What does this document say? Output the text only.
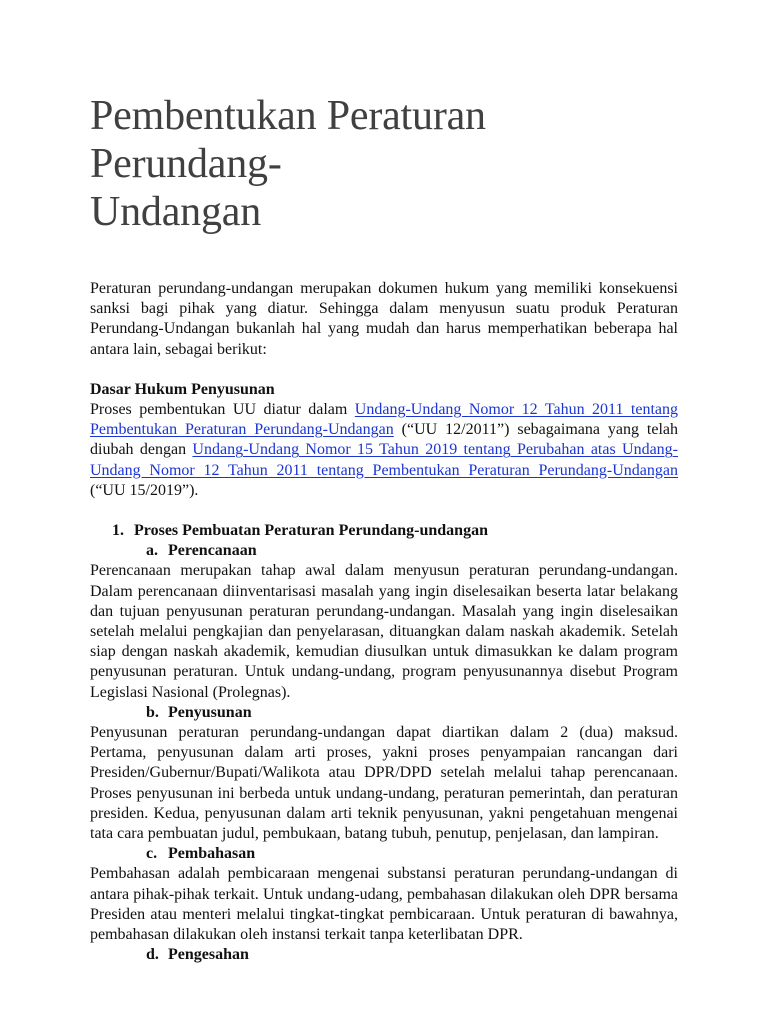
Pembentukan Peraturan Perundang-
Undangan

Peraturan perundang-undangan merupakan dokumen hukum yang memiliki konsekuensi sanksi bagi pihak yang diatur. Sehingga dalam menyusun suatu produk Peraturan Perundang-Undangan bukanlah hal yang mudah dan harus memperhatikan beberapa hal antara lain, sebagai berikut:

Dasar Hukum Penyusunan

Proses pembentukan UU diatur dalam Undang-Undang Nomor 12 Tahun 2011 tentang Pembentukan Peraturan Perundang-Undangan (“UU 12/2011”) sebagaimana yang telah diubah dengan Undang-Undang Nomor 15 Tahun 2019 tentang Perubahan atas Undang-Undang Nomor 12 Tahun 2011 tentang Pembentukan Peraturan Perundang-Undangan (“UU 15/2019”).

1. Proses Pembuatan Peraturan Perundang-undangan
a. Perencanaan

Perencanaan merupakan tahap awal dalam menyusun peraturan perundang-undangan. Dalam perencanaan diinventarisasi masalah yang ingin diselesaikan beserta latar belakang dan tujuan penyusunan peraturan perundang-undangan. Masalah yang ingin diselesaikan setelah melalui pengkajian dan penyelarasan, dituangkan dalam naskah akademik. Setelah siap dengan naskah akademik, kemudian diusulkan untuk dimasukkan ke dalam program penyusunan peraturan. Untuk undang-undang, program penyusunannya disebut Program Legislasi Nasional (Prolegnas).

b. Penyusunan

Penyusunan peraturan perundang-undangan dapat diartikan dalam 2 (dua) maksud. Pertama, penyusunan dalam arti proses, yakni proses penyampaian rancangan dari Presiden/Gubernur/Bupati/Walikota atau DPR/DPD setelah melalui tahap perencanaan. Proses penyusunan ini berbeda untuk undang-undang, peraturan pemerintah, dan peraturan presiden. Kedua, penyusunan dalam arti teknik penyusunan, yakni pengetahuan mengenai tata cara pembuatan judul, pembukaan, batang tubuh, penutup, penjelasan, dan lampiran.

c. Pembahasan

Pembahasan adalah pembicaraan mengenai substansi peraturan perundang-undangan di antara pihak-pihak terkait. Untuk undang-udang, pembahasan dilakukan oleh DPR bersama Presiden atau menteri melalui tingkat-tingkat pembicaraan. Untuk peraturan di bawahnya, pembahasan dilakukan oleh instansi terkait tanpa keterlibatan DPR.

d. Pengesahan
